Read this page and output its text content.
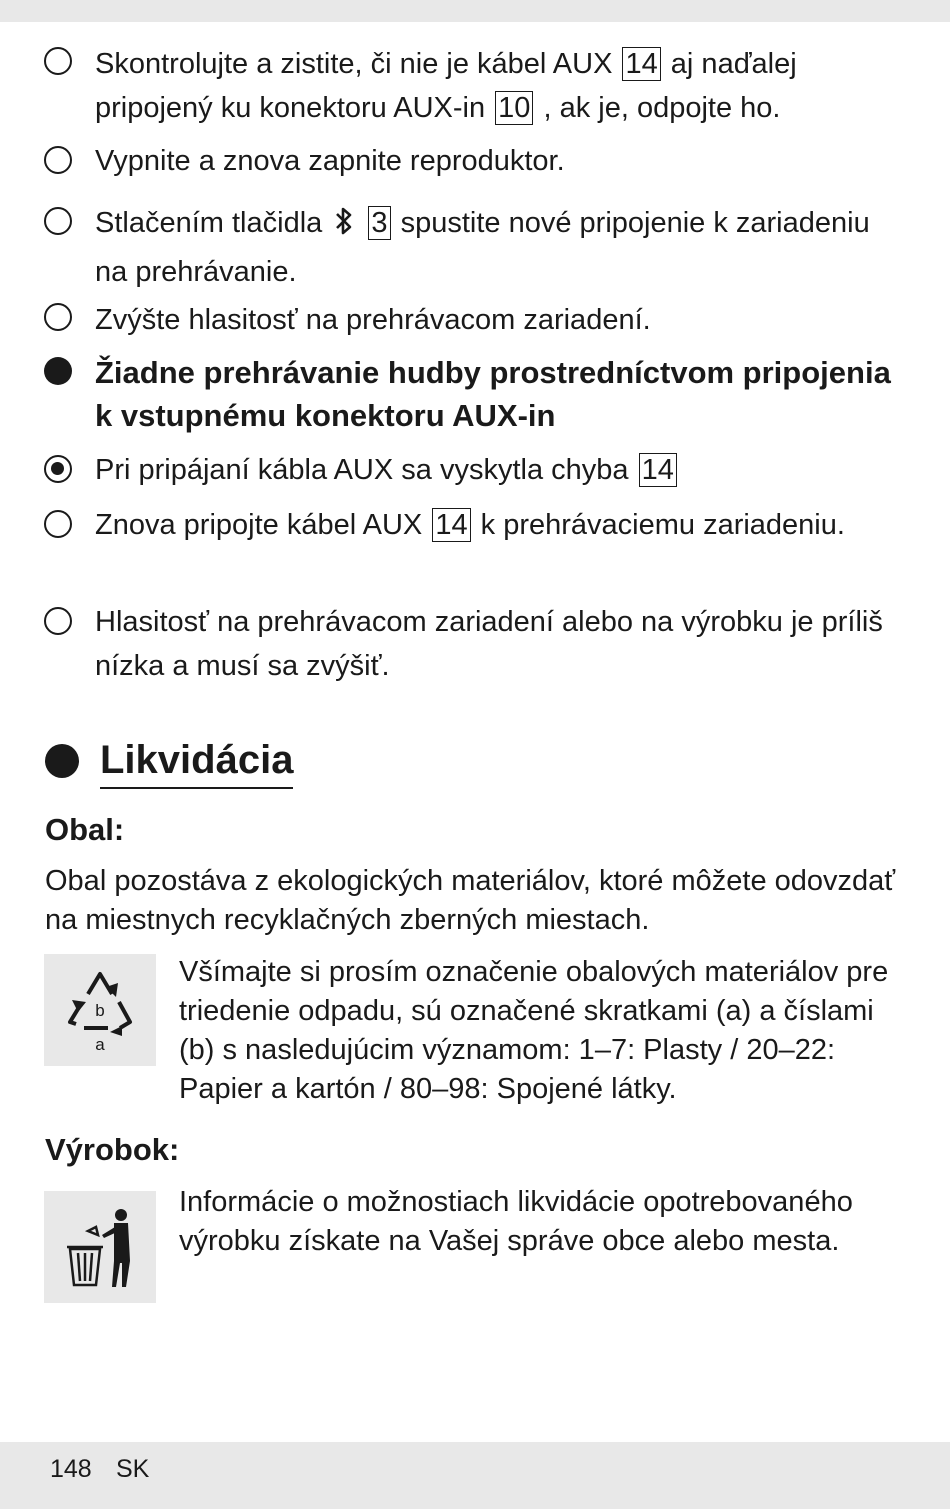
Skontrolujte a zistite, či nie je kábel AUX 14 aj naďalej pripojený ku konektoru AUX-in 10 , ak je, odpojte ho.
Vypnite a znova zapnite reproduktor.
Stlačením tlačidla  3 spustite nové pripojenie k zariadeniu na prehrávanie.
Zvýšte hlasitosť na prehrávacom zariadení.
Žiadne prehrávanie hudby prostredníctvom pripojenia k vstupnému konektoru AUX-in
Pri pripájaní kábla AUX sa vyskytla chyba 14
Znova pripojte kábel AUX 14 k prehrávaciemu zariadeniu.
Hlasitosť na prehrávacom zariadení alebo na výrobku je príliš nízka a musí sa zvýšiť.
Likvidácia
Obal:
Obal pozostáva z ekologických materiálov, ktoré môžete odovzdať na miestnych recyklačných zberných miestach.
b
a
Všímajte si prosím označenie obalových materiálov pre triedenie odpadu, sú označené skratkami (a) a číslami (b) s nasledujúcim významom: 1–7: Plasty / 20–22: Papier a kartón / 80–98: Spojené látky.
Výrobok:
Informácie o možnostiach likvidácie opotrebovaného výrobku získate na Vašej správe obce alebo mesta.
148 SK
